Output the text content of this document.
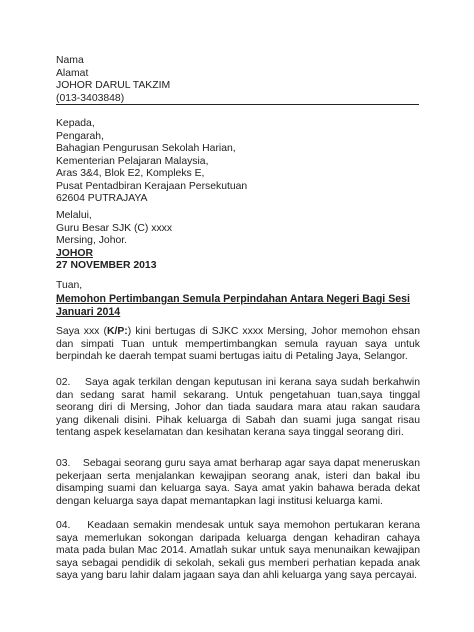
Nama
Alamat
JOHOR DARUL TAKZIM
(013-3403848)
Kepada,
Pengarah,
Bahagian Pengurusan Sekolah Harian,
Kementerian Pelajaran Malaysia,
Aras 3&4, Blok E2, Kompleks E,
Pusat Pentadbiran Kerajaan Persekutuan
62604 PUTRAJAYA
Melalui,
Guru Besar SJK (C) xxxx
Mersing, Johor.
JOHOR
27 NOVEMBER 2013
Tuan,
Memohon Pertimbangan Semula Perpindahan Antara Negeri Bagi Sesi
Januari 2014
Saya xxx (K/P:) kini bertugas di SJKC xxxx Mersing, Johor memohon ehsan dan simpati Tuan untuk mempertimbangkan semula rayuan saya untuk berpindah ke daerah tempat suami bertugas iaitu di Petaling Jaya, Selangor.
02.    Saya agak terkilan dengan keputusan ini kerana saya sudah berkahwin dan sedang sarat hamil sekarang. Untuk pengetahuan tuan,saya tinggal seorang diri di Mersing, Johor dan tiada saudara mara atau rakan saudara yang dikenali disini. Pihak keluarga di Sabah dan suami juga sangat risau tentang aspek keselamatan dan kesihatan kerana saya tinggal seorang diri.
03.    Sebagai seorang guru saya amat berharap agar saya dapat meneruskan pekerjaan serta menjalankan kewajipan seorang anak, isteri dan bakal ibu disamping suami dan keluarga saya. Saya amat yakin bahawa berada dekat dengan keluarga saya dapat memantapkan lagi institusi keluarga kami.
04.    Keadaan semakin mendesak untuk saya memohon pertukaran kerana saya memerlukan sokongan daripada keluarga dengan kehadiran cahaya mata pada bulan Mac 2014. Amatlah sukar untuk saya menunaikan kewajipan saya sebagai pendidik di sekolah, sekali gus memberi perhatian kepada anak saya yang baru lahir dalam jagaan saya dan ahli keluarga yang saya percayai.
